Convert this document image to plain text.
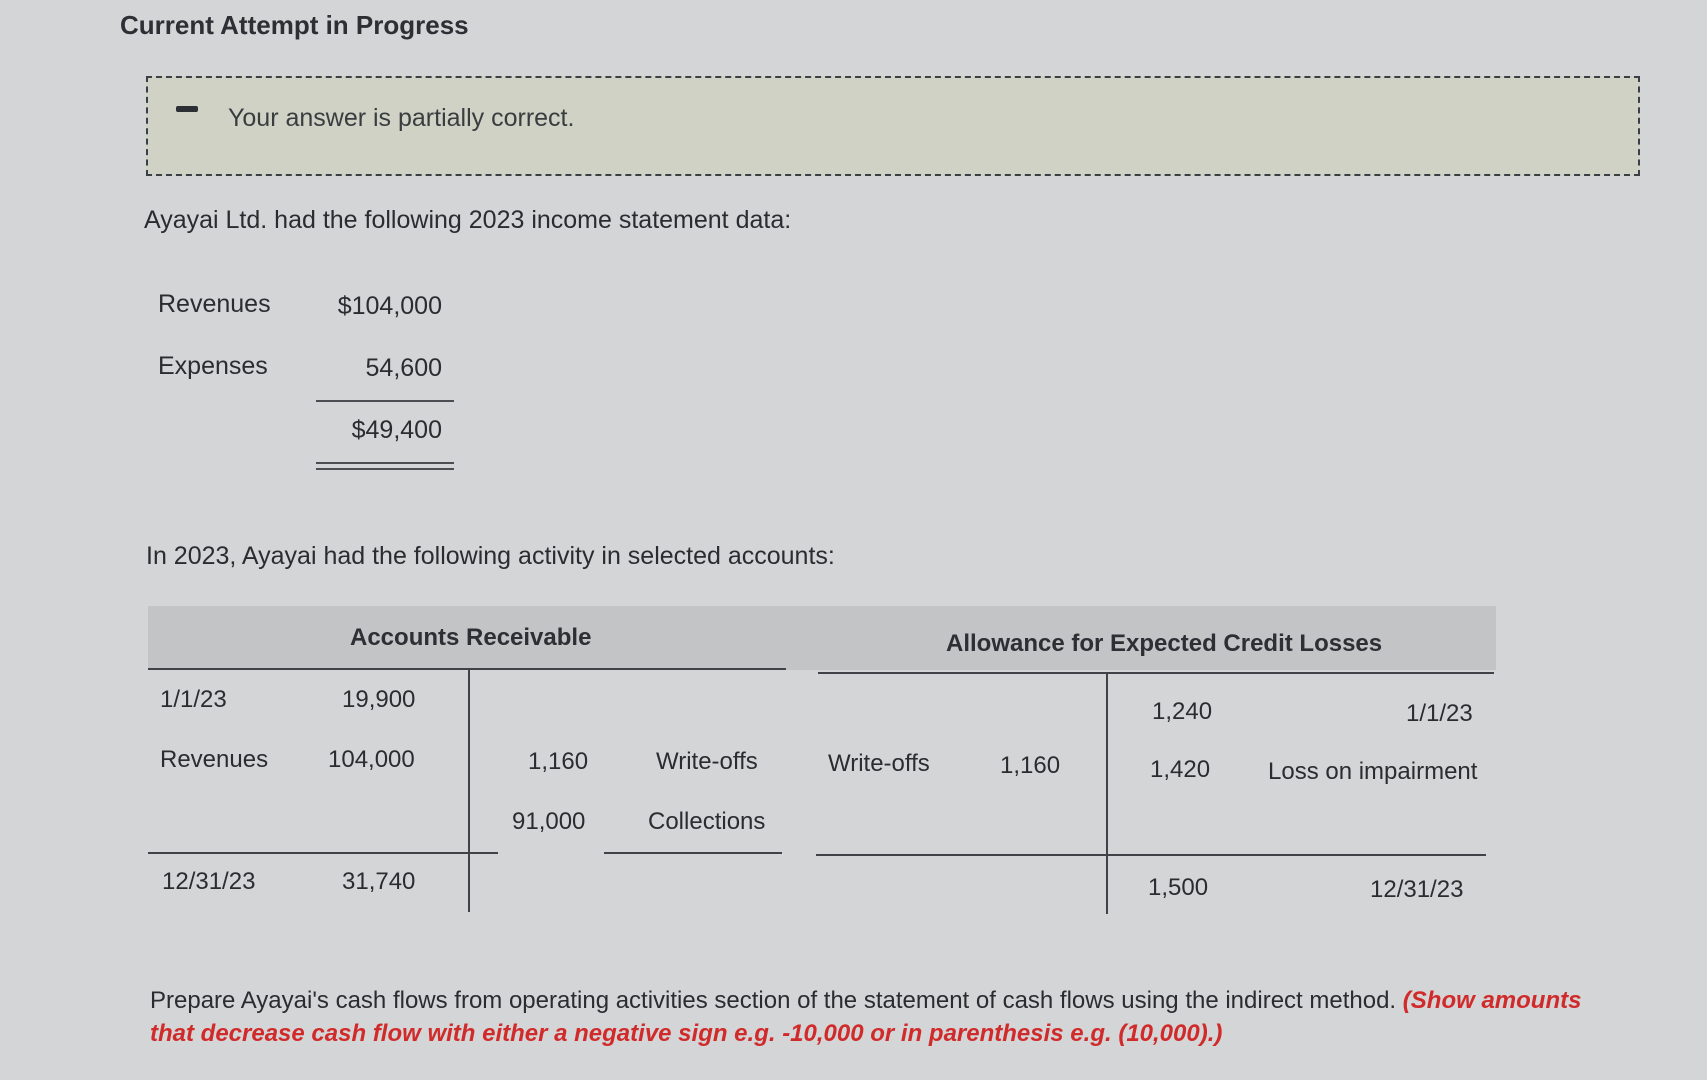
Current Attempt in Progress
Your answer is partially correct.
Ayayai Ltd. had the following 2023 income statement data:
Revenues	$104,000
Expenses	54,600
$49,400
In 2023, Ayayai had the following activity in selected accounts:
Accounts Receivable	Allowance for Expected Credit Losses
1/1/23	19,900
Revenues 104,000
12/31/23	31,740
1,160	Write-offs
91,000	Collections
Write-offs	1,160
1,240	1/1/23
1,420 Loss on impairment
1,500	12/31/23
Prepare Ayayai's cash flows from operating activities section of the statement of cash flows using the indirect method. (Show amounts that decrease cash flow with either a negative sign e.g. -10,000 or in parenthesis e.g. (10,000).)
